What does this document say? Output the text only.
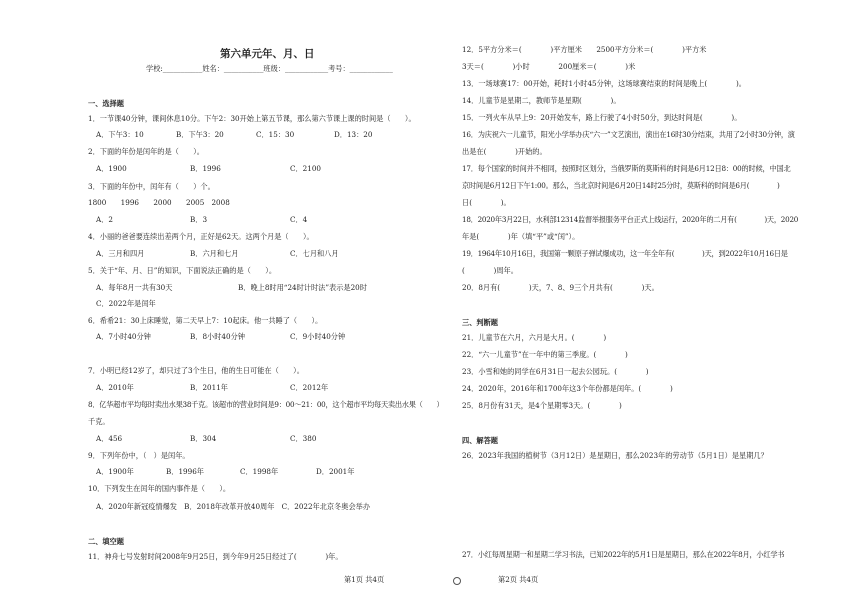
第六单元年、月、日
学校:___________姓名：___________班级：____________考号：____________
一、选择题
1．一节课40分钟，课间休息10分。下午2：30开始上第五节课，那么第六节课上课的时间是（　　）。
A．下午3：10	B．下午3：20	C．15：30	D．13：20
2．下面的年份是闰年的是（　　）。
A．1900	B．1996	C．2100
3．下面的年份中，闰年有（　　）个。
1800　　1996　　2000　　2005　2008
A．2	B．3	C．4
4．小丽的爸爸要连续出差两个月，正好是62天。这两个月是（　　）。
A．三月和四月	B．六月和七月	C．七月和八月
5．关于“年、月、日”的知识，下面说法正确的是（　　）。
A．每年8月一共有30天	B．晚上8时用“24时计时法”表示是20时
C．2022年是闰年
6．希希21：30上床睡觉，第二天早上7：10起床。他一共睡了（　　）。
A．7小时40分钟	B．8小时40分钟	C．9小时40分钟
7．小明已经12岁了，却只过了3个生日，他的生日可能在（　　）。
A．2010年	B．2011年	C．2012年
8．亿华超市平均每时卖出水果38千克。该超市的营业时间是9：00～21：00，这个超市平均每天卖出水果（　　）
千克。
A．456	B．304	C．380
9．下列年份中，（　）是闰年。
A．1900年	B．1996年	C．1998年	D．2001年
10．下列发生在闰年的国内事件是（　　）。
A．2020年新冠疫情爆发　B．2018年改革开放40周年　C．2022年北京冬奥会举办
二、填空题
11．神舟七号发射时间2008年9月25日，到今年9月25日经过了(　　　　)年。
第1页 共4页
12．5平方分米＝(　　　　)平方厘米　　2500平方分米＝(　　　　)平方米
3天＝(　　　　)小时　　　　200厘米＝(　　　　)米
13．一场球赛17：00开始，耗时1小时45分钟，这场球赛结束的时间是晚上(　　　　)。
14．儿童节是星期二，教师节是星期(　　　　)。
15．一列火车从早上9：20开始发车，路上行驶了4小时50分，到达时间是(　　　　)。
16．为庆祝六一儿童节，阳光小学举办庆“六一”文艺演出，演出在16时30分结束，共用了2小时30分钟，演
出是在(　　　　)开始的。
17．每个国家的时间并不相同，按照时区划分，当俄罗斯的莫斯科的时间是6月12日8：00的时候，中国北
京时间是6月12日下午1:00。那么，当北京时间是6月20日14时25分时，莫斯科的时间是6月(　　　　)
日(　　　　)。
18．2020年3月22日，水利部12314监督举报服务平台正式上线运行，2020年的二月有(　　　　)天，2020
年是(　　　　)年（填“平”或“闰”）。
19．1964年10月16日，我国第一颗原子弹试爆成功，这一年全年有(　　　　)天，到2022年10月16日是
(　　　　)周年。
20．8月有(　　　　)天，7、8、9三个月共有(　　　　)天。
三、判断题
21．儿童节在六月，六月是大月。(　　　　)
22．“六一儿童节”在一年中的第三季度。(　　　　)
23．小雪和她的同学在6月31日一起去公园玩。(　　　　)
24．2020年，2016年和1700年这3个年份都是闰年。(　　　　)
25．8月份有31天，是4个星期零3天。(　　　　)
四、解答题
26．2023年我国的植树节（3月12日）是星期日，那么2023年的劳动节（5月1日）是星期几？
27．小红每周星期一和星期二学习书法，已知2022年的5月1日是星期日，那么在2022年8月，小红学书
第2页 共4页
